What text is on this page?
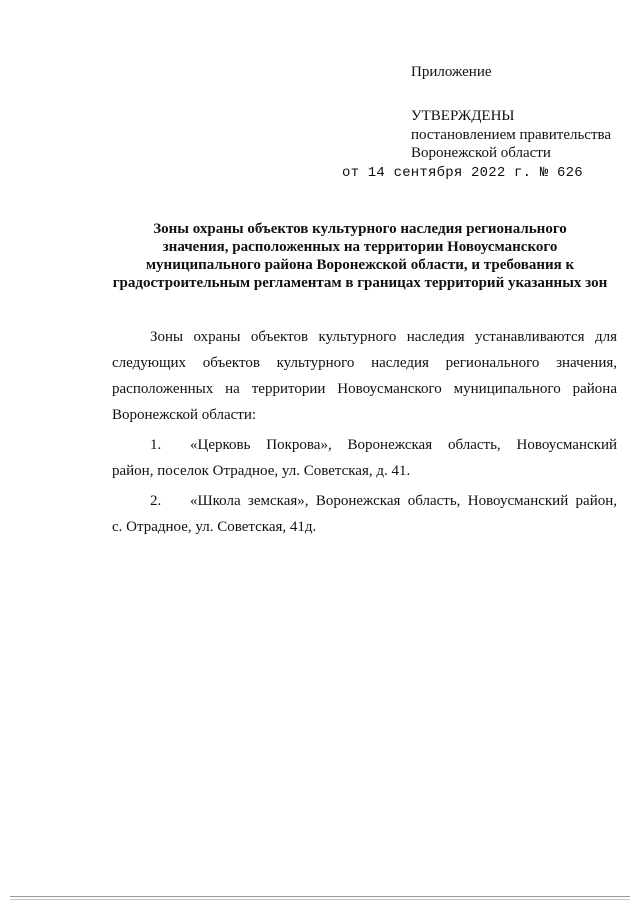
Приложение
УТВЕРЖДЕНЫ
постановлением правительства
Воронежской области
от 14 сентября 2022 г. № 626
Зоны охраны объектов культурного наследия регионального
значения, расположенных на территории Новоусманского
муниципального района Воронежской области, и требования к
градостроительным регламентам в границах территорий указанных зон
Зоны охраны объектов культурного наследия устанавливаются для
следующих объектов культурного наследия регионального значения,
расположенных на территории Новоусманского муниципального района
Воронежской области:
1.	«Церковь Покрова», Воронежская область, Новоусманский
район, поселок Отрадное, ул. Советская, д. 41.
2.	«Школа земская», Воронежская область, Новоусманский район,
с. Отрадное, ул. Советская, 41д.
